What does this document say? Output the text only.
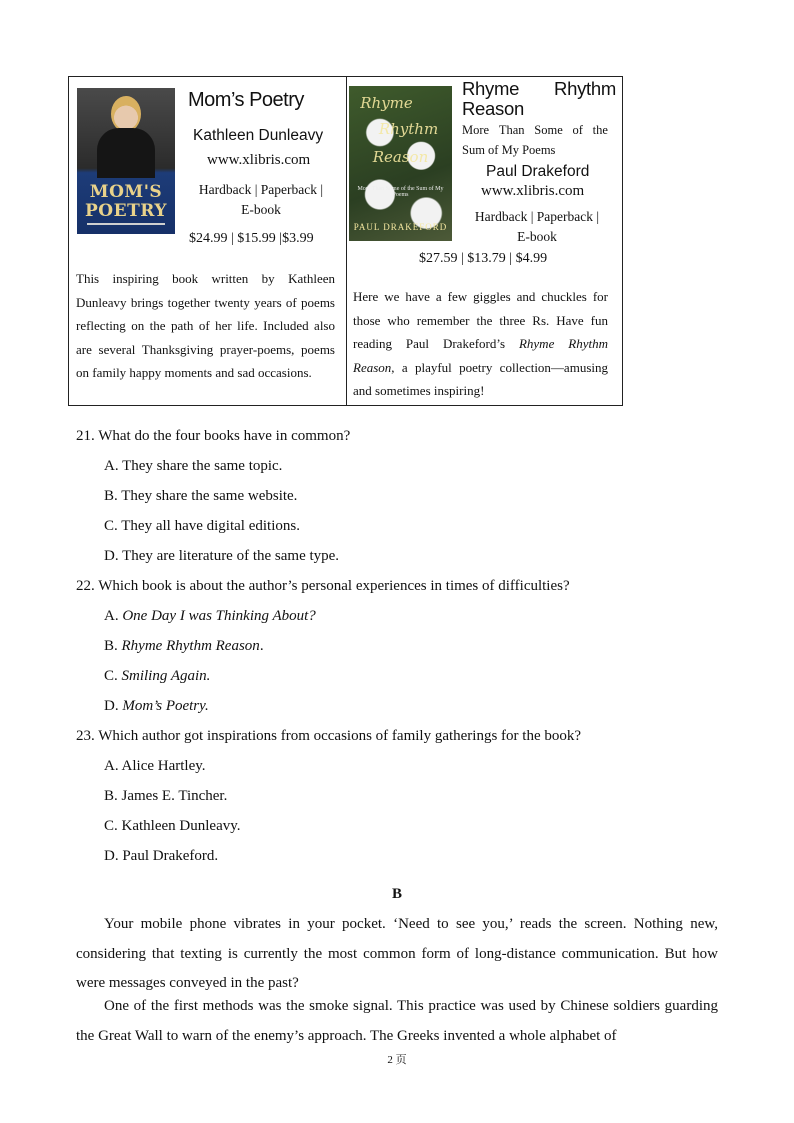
MOM'S
POETRY
Mom’s Poetry
Kathleen Dunleavy
www.xlibris.com
Hardback | Paperback |
E-book
$24.99 | $15.99 |$3.99
This inspiring book written by Kathleen Dunleavy brings together twenty years of poems reflecting on the path of her life. Included also are several Thanksgiving prayer-poems, poems on family happy moments and sad occasions.
Rhyme
Rhythm
Reason
More Than Some of the Sum of My Poems
PAUL DRAKEFORD
Rhyme Rhythm
Reason
More Than Some of the
Sum of My Poems
Paul Drakeford
www.xlibris.com
Hardback | Paperback |
E-book
$27.59 | $13.79 | $4.99
Here we have a few giggles and chuckles for those who remember the three Rs. Have fun reading Paul Drakeford’s Rhyme Rhythm Reason, a playful poetry collection—amusing and sometimes inspiring!
21. What do the four books have in common?
A. They share the same topic.
B. They share the same website.
C. They all have digital editions.
D. They are literature of the same type.
22. Which book is about the author’s personal experiences in times of difficulties?
A. One Day I was Thinking About?
B. Rhyme Rhythm Reason.
C. Smiling Again.
D. Mom’s Poetry.
23. Which author got inspirations from occasions of family gatherings for the book?
A. Alice Hartley.
B. James E. Tincher.
C. Kathleen Dunleavy.
D. Paul Drakeford.
B
Your mobile phone vibrates in your pocket. ‘Need to see you,’ reads the screen. Nothing new, considering that texting is currently the most common form of long-distance communication. But how were messages conveyed in the past?
One of the first methods was the smoke signal. This practice was used by Chinese soldiers guarding the Great Wall to warn of the enemy’s approach. The Greeks invented a whole alphabet of
2 页
